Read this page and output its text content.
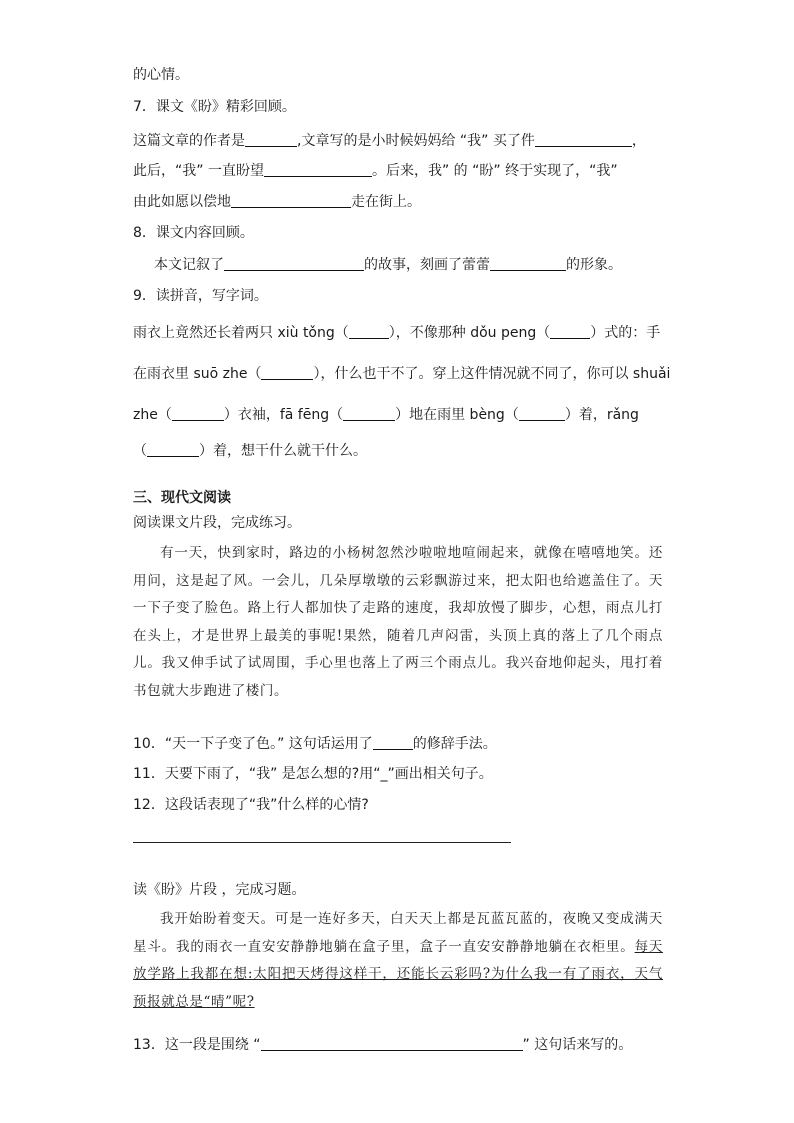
的心情。
7．课文《盼》精彩回顾。
这篇文章的作者是	,文章写的是小时候妈妈给 “我” 买了件	，
此后，“我” 一直盼望	。后来，我” 的 “盼” 终于实现了，“我”
由此如愿以偿地	走在街上。
8．课文内容回顾。
本文记叙了	的故事，刻画了蕾蕾	的形象。
9．读拼音，写字词。
雨衣上竟然还长着两只 xiù tǒng（	），不像那种 dǒu peng（	）式的：手
在雨衣里 suō zhe（	），什么也干不了。穿上这件情况就不同了，你可以 shuǎi
zhe（	）衣袖，fā fēng（	）地在雨里 bèng（	）着，rǎng
（	）着，想干什么就干什么。
三、现代文阅读
阅读课文片段，完成练习。

有一天，快到家时，路边的小杨树忽然沙啦啦地喧闹起来，就像在嘻嘻地笑。还用问，这是起了风。一会儿，几朵厚墩墩的云彩飘游过来，把太阳也给遮盖住了。天一下子变了脸色。路上行人都加快了走路的速度，我却放慢了脚步，心想，雨点儿打在头上，才是世界上最美的事呢!果然，随着几声闷雷，头顶上真的落上了几个雨点儿。我又伸手试了试周围，手心里也落上了两三个雨点儿。我兴奋地仰起头，甩打着书包就大步跑进了楼门。

10．“天一下子变了色。” 这句话运用了	的修辞手法。
11．天要下雨了，“我” 是怎么想的?用“_”画出相关句子。
12．这段话表现了“我”什么样的心情?
读《盼》片段 ，完成习题。

我开始盼着变天。可是一连好多天，白天天上都是瓦蓝瓦蓝的，夜晚又变成满天星斗。我的雨衣一直安安静静地躺在盒子里，盒子一直安安静静地躺在衣柜里。每天放学路上我都在想:太阳把天烤得这样干，还能长云彩吗?为什么我一有了雨衣，天气预报就总是“晴”呢?

13．这一段是围绕 “	” 这句话来写的。
